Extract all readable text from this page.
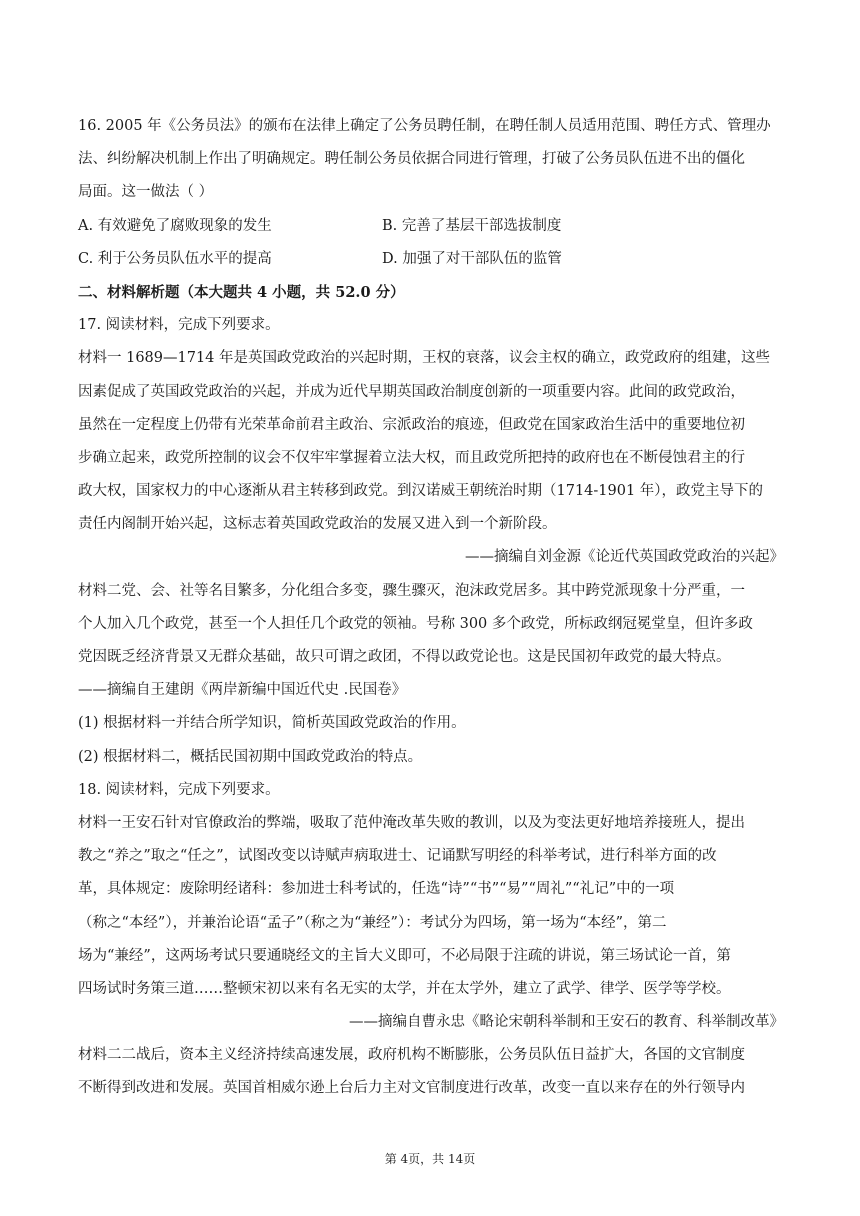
16. 2005 年《公务员法》的颁布在法律上确定了公务员聘任制，在聘任制人员适用范围、聘任方式、管理办
法、纠纷解决机制上作出了明确规定。聘任制公务员依据合同进行管理，打破了公务员队伍进不出的僵化
局面。这一做法（ ）
A. 有效避免了腐败现象的发生	B. 完善了基层干部选拔制度
C. 利于公务员队伍水平的提高	D. 加强了对干部队伍的监管
二、材料解析题（本大题共 4 小题，共 52.0 分）
17. 阅读材料，完成下列要求。
材料一 1689—1714 年是英国政党政治的兴起时期，王权的衰落，议会主权的确立，政党政府的组建，这些
因素促成了英国政党政治的兴起，并成为近代早期英国政治制度创新的一项重要内容。此间的政党政治，
虽然在一定程度上仍带有光荣革命前君主政治、宗派政治的痕迹，但政党在国家政治生活中的重要地位初
步确立起来，政党所控制的议会不仅牢牢掌握着立法大权，而且政党所把持的政府也在不断侵蚀君主的行
政大权，国家权力的中心逐渐从君主转移到政党。到汉诺威王朝统治时期（1714-1901 年），政党主导下的
责任内阁制开始兴起，这标志着英国政党政治的发展又进入到一个新阶段。
——摘编自刘金源《论近代英国政党政治的兴起》
材料二党、会、社等名目繁多，分化组合多变，骤生骤灭，泡沫政党居多。其中跨党派现象十分严重，一
个人加入几个政党，甚至一个人担任几个政党的领袖。号称 300 多个政党，所标政纲冠冕堂皇，但许多政
党因既乏经济背景又无群众基础，故只可谓之政团，不得以政党论也。这是民国初年政党的最大特点。
——摘编自王建朗《两岸新编中国近代史 .民国卷》
(1) 根据材料一并结合所学知识，简析英国政党政治的作用。
(2) 根据材料二，概括民国初期中国政党政治的特点。
18. 阅读材料，完成下列要求。
材料一王安石针对官僚政治的弊端，吸取了范仲淹改革失败的教训，以及为变法更好地培养接班人，提出
教之“养之”取之“任之”，试图改变以诗赋声病取进士、记诵默写明经的科举考试，进行科举方面的改
革，具体规定：废除明经诸科：参加进士科考试的，任选“诗”“书”“易”“周礼”“礼记”中的一项
（称之“本经”），并兼治论语“孟子”（称之为“兼经”）：考试分为四场，第一场为“本经”，第二
场为“兼经”，这两场考试只要通晓经文的主旨大义即可，不必局限于注疏的讲说，第三场试论一首，第
四场试时务策三道……整顿宋初以来有名无实的太学，并在太学外，建立了武学、律学、医学等学校。
——摘编自曹永忠《略论宋朝科举制和王安石的教育、科举制改革》
材料二二战后，资本主义经济持续高速发展，政府机构不断膨胀，公务员队伍日益扩大，各国的文官制度
不断得到改进和发展。英国首相威尔逊上台后力主对文官制度进行改革，改变一直以来存在的外行领导内
第 4页，共 14页
